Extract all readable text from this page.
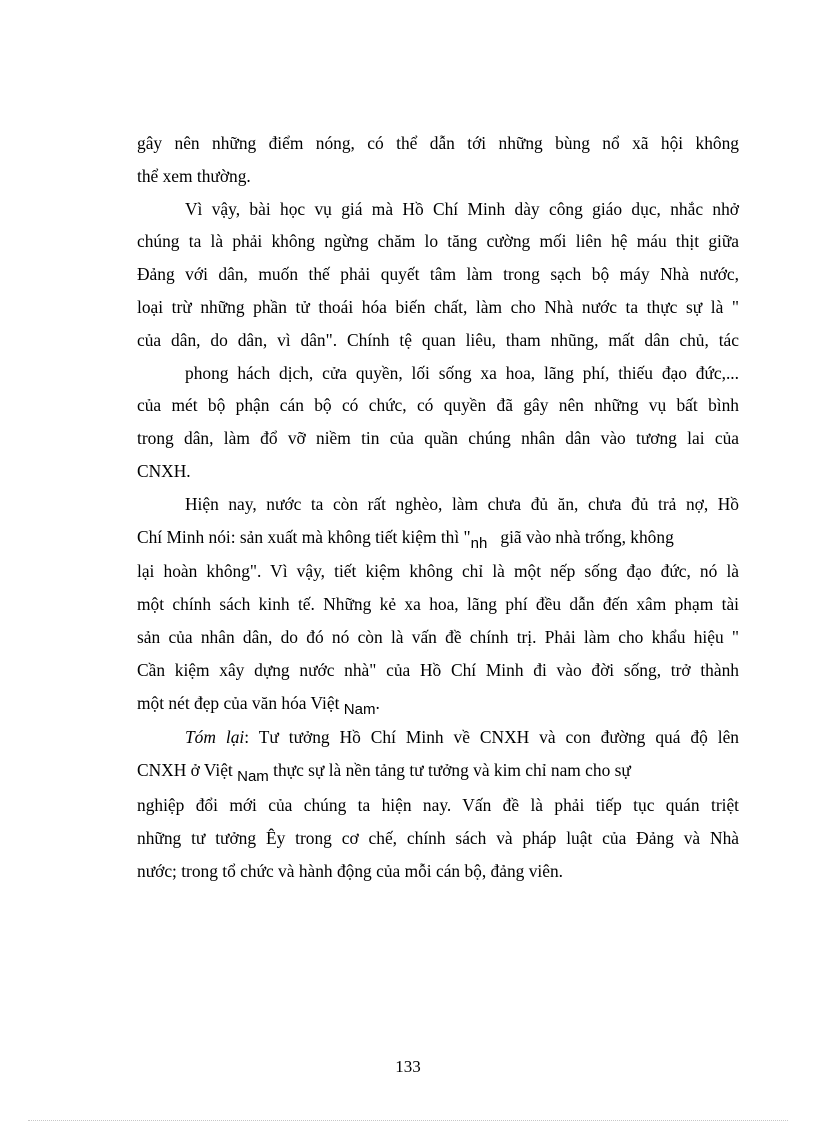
gây nên những điểm nóng, có thể dẫn tới những bùng nổ xã hội không
thể xem thường.

Vì vậy, bài học vụ giá mà Hồ Chí Minh dày công giáo dục, nhắc nhở
chúng ta là phải không ngừng chăm lo tăng cường mối liên hệ máu thịt giữa
Đảng với dân, muốn thế phải quyết tâm làm trong sạch bộ máy Nhà nước,
loại trừ những phần tử thoái hóa biến chất, làm cho Nhà nước ta thực sự là "
của dân, do dân, vì dân". Chính tệ quan liêu, tham nhũng, mất dân chủ, tác
phong hách dịch, cửa quyền, lối sống xa hoa, lãng phí, thiếu đạo đức,...
của mét bộ phận cán bộ có chức, có quyền đã gây nên những vụ bất bình
trong dân, làm đổ vỡ niềm tin của quần chúng nhân dân vào tương lai của
CNXH.

Hiện nay, nước ta còn rất nghèo, làm chưa đủ ăn, chưa đủ trả nợ, Hồ
Chí Minh nói: sản xuất mà không tiết kiệm thì "nh giã vào nhà trống, không
lại hoàn không". Vì vậy, tiết kiệm không chỉ là một nếp sống đạo đức, nó là
một chính sách kinh tế. Những kẻ xa hoa, lãng phí đều dẫn đến xâm phạm tài
sản của nhân dân, do đó nó còn là vấn đề chính trị. Phải làm cho khẩu hiệu "
Cần kiệm xây dựng nước nhà" của Hồ Chí Minh đi vào đời sống, trở thành
một nét đẹp của văn hóa Việt Nam.

Tóm lại: Tư tưởng Hồ Chí Minh về CNXH và con đường quá độ lên
CNXH ở Việt Nam thực sự là nền tảng tư tưởng và kim chỉ nam cho sự
nghiệp đổi mới của chúng ta hiện nay. Vấn đề là phải tiếp tục quán triệt
những tư tưởng Êy trong cơ chế, chính sách và pháp luật của Đảng và Nhà
nước; trong tổ chức và hành động của mỗi cán bộ, đảng viên.

133
